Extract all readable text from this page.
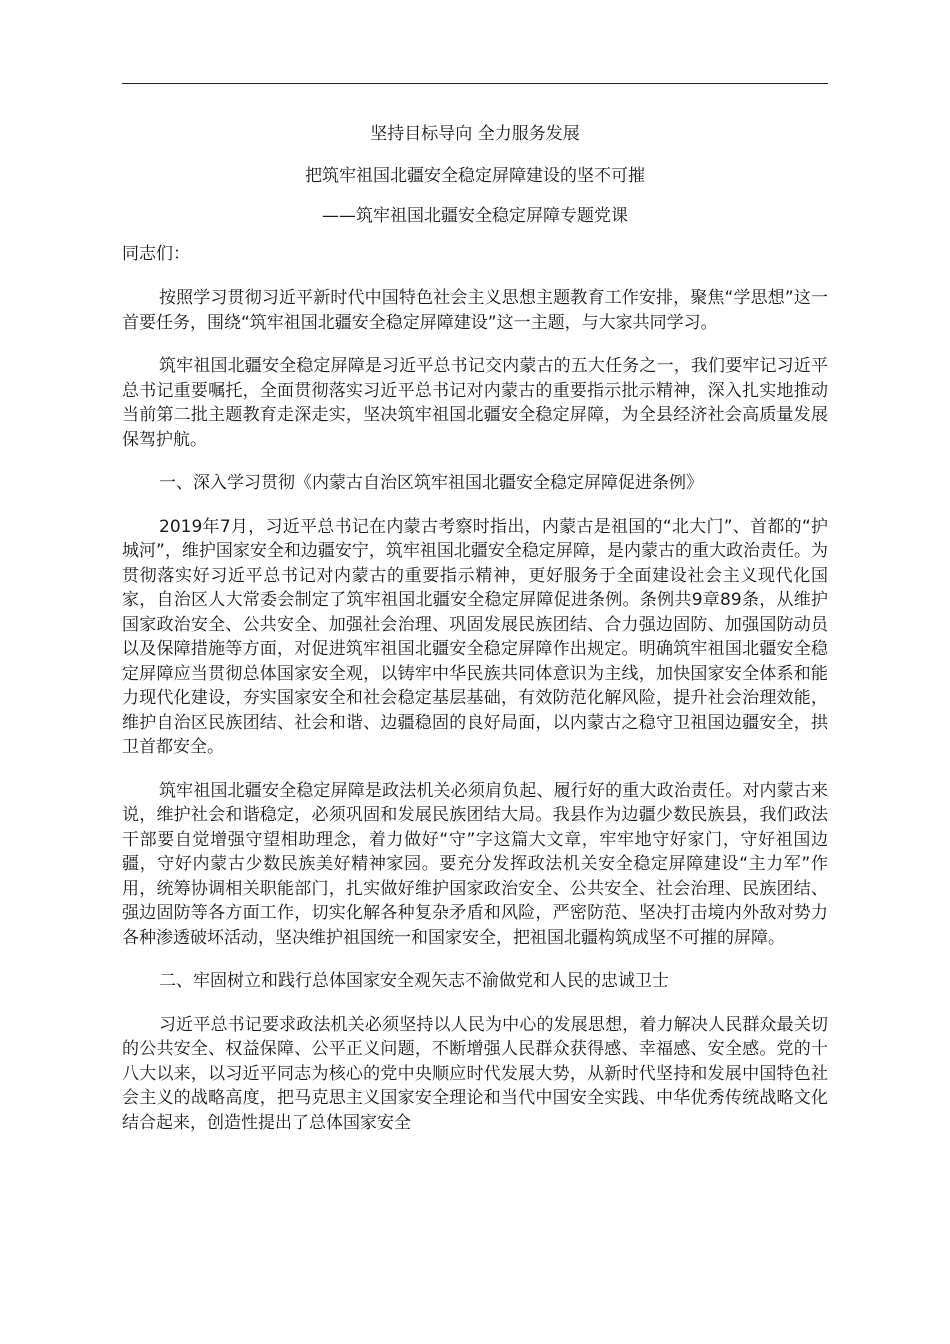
坚持目标导向 全力服务发展

把筑牢祖国北疆安全稳定屏障建设的坚不可摧

——筑牢祖国北疆安全稳定屏障专题党课

同志们：

按照学习贯彻习近平新时代中国特色社会主义思想主题教育工作安排，聚焦“学思想”这一首要任务，围绕“筑牢祖国北疆安全稳定屏障建设”这一主题，与大家共同学习。

筑牢祖国北疆安全稳定屏障是习近平总书记交内蒙古的五大任务之一，我们要牢记习近平总书记重要嘱托，全面贯彻落实习近平总书记对内蒙古的重要指示批示精神，深入扎实地推动当前第二批主题教育走深走实，坚决筑牢祖国北疆安全稳定屏障，为全县经济社会高质量发展保驾护航。

一、深入学习贯彻《内蒙古自治区筑牢祖国北疆安全稳定屏障促进条例》

2019年7月，习近平总书记在内蒙古考察时指出，内蒙古是祖国的“北大门”、首都的“护城河”，维护国家安全和边疆安宁，筑牢祖国北疆安全稳定屏障，是内蒙古的重大政治责任。为贯彻落实好习近平总书记对内蒙古的重要指示精神，更好服务于全面建设社会主义现代化国家，自治区人大常委会制定了筑牢祖国北疆安全稳定屏障促进条例。条例共9章89条，从维护国家政治安全、公共安全、加强社会治理、巩固发展民族团结、合力强边固防、加强国防动员以及保障措施等方面，对促进筑牢祖国北疆安全稳定屏障作出规定。明确筑牢祖国北疆安全稳定屏障应当贯彻总体国家安全观，以铸牢中华民族共同体意识为主线，加快国家安全体系和能力现代化建设，夯实国家安全和社会稳定基层基础，有效防范化解风险，提升社会治理效能，维护自治区民族团结、社会和谐、边疆稳固的良好局面，以内蒙古之稳守卫祖国边疆安全，拱卫首都安全。

筑牢祖国北疆安全稳定屏障是政法机关必须肩负起、履行好的重大政治责任。对内蒙古来说，维护社会和谐稳定，必须巩固和发展民族团结大局。我县作为边疆少数民族县，我们政法干部要自觉增强守望相助理念，着力做好“守”字这篇大文章，牢牢地守好家门，守好祖国边疆，守好内蒙古少数民族美好精神家园。要充分发挥政法机关安全稳定屏障建设“主力军”作用，统筹协调相关职能部门，扎实做好维护国家政治安全、公共安全、社会治理、民族团结、强边固防等各方面工作，切实化解各种复杂矛盾和风险，严密防范、坚决打击境内外敌对势力各种渗透破坏活动，坚决维护祖国统一和国家安全，把祖国北疆构筑成坚不可摧的屏障。

二、牢固树立和践行总体国家安全观矢志不渝做党和人民的忠诚卫士

习近平总书记要求政法机关必须坚持以人民为中心的发展思想，着力解决人民群众最关切的公共安全、权益保障、公平正义问题，不断增强人民群众获得感、幸福感、安全感。党的十八大以来，以习近平同志为核心的党中央顺应时代发展大势，从新时代坚持和发展中国特色社会主义的战略高度，把马克思主义国家安全理论和当代中国安全实践、中华优秀传统战略文化结合起来，创造性提出了总体国家安全
